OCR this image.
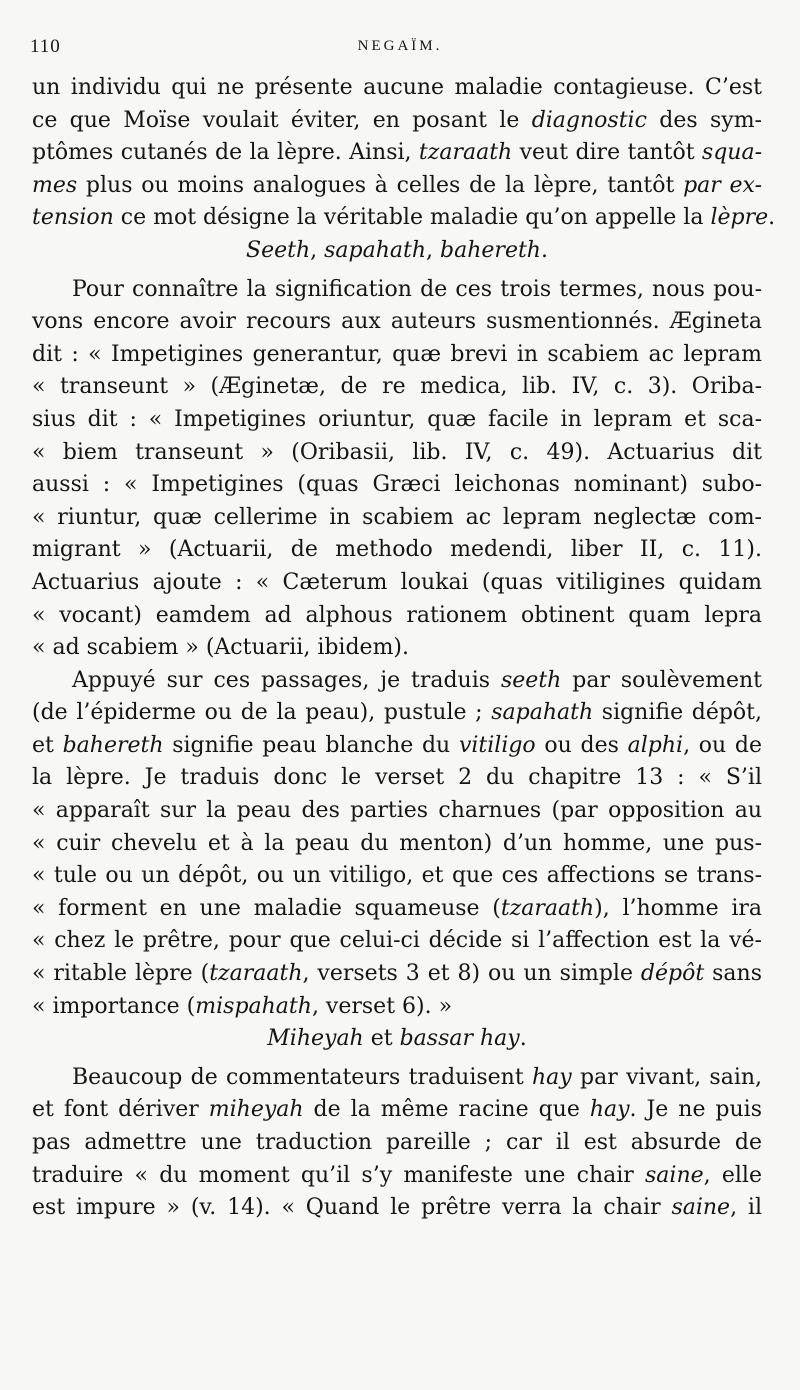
110	NEGAÏM.
un individu qui ne présente aucune maladie contagieuse. C’est
ce que Moïse voulait éviter, en posant le diagnostic des sym-
ptômes cutanés de la lèpre. Ainsi, tzaraath veut dire tantôt squa-
mes plus ou moins analogues à celles de la lèpre, tantôt par ex-
tension ce mot désigne la véritable maladie qu’on appelle la lèpre.
Seeth, sapahath, bahereth.
Pour connaître la signification de ces trois termes, nous pou-
vons encore avoir recours aux auteurs susmentionnés. Ægineta
dit : « Impetigines generantur, quæ brevi in scabiem ac lepram
« transeunt » (Æginetæ, de re medica, lib. IV, c. 3). Oriba-
sius dit : « Impetigines oriuntur, quæ facile in lepram et sca-
« biem transeunt » (Oribasii, lib. IV, c. 49). Actuarius dit
aussi : « Impetigines (quas Græci leichonas nominant) subo-
« riuntur, quæ cellerime in scabiem ac lepram neglectæ com-
migrant » (Actuarii, de methodo medendi, liber II, c. 11).
Actuarius ajoute : « Cæterum loukai (quas vitiligines quidam
« vocant) eamdem ad alphous rationem obtinent quam lepra
« ad scabiem » (Actuarii, ibidem).
Appuyé sur ces passages, je traduis seeth par soulèvement
(de l’épiderme ou de la peau), pustule ; sapahath signifie dépôt,
et bahereth signifie peau blanche du vitiligo ou des alphi, ou de
la lèpre. Je traduis donc le verset 2 du chapitre 13 : « S’il
« apparaît sur la peau des parties charnues (par opposition au
« cuir chevelu et à la peau du menton) d’un homme, une pus-
« tule ou un dépôt, ou un vitiligo, et que ces affections se trans-
« forment en une maladie squameuse (tzaraath), l’homme ira
« chez le prêtre, pour que celui-ci décide si l’affection est la vé-
« ritable lèpre (tzaraath, versets 3 et 8) ou un simple dépôt sans
« importance (mispahath, verset 6). »
Miheyah et bassar hay.
Beaucoup de commentateurs traduisent hay par vivant, sain,
et font dériver miheyah de la même racine que hay. Je ne puis
pas admettre une traduction pareille ; car il est absurde de
traduire « du moment qu’il s’y manifeste une chair saine, elle
est impure » (v. 14). « Quand le prêtre verra la chair saine, il
